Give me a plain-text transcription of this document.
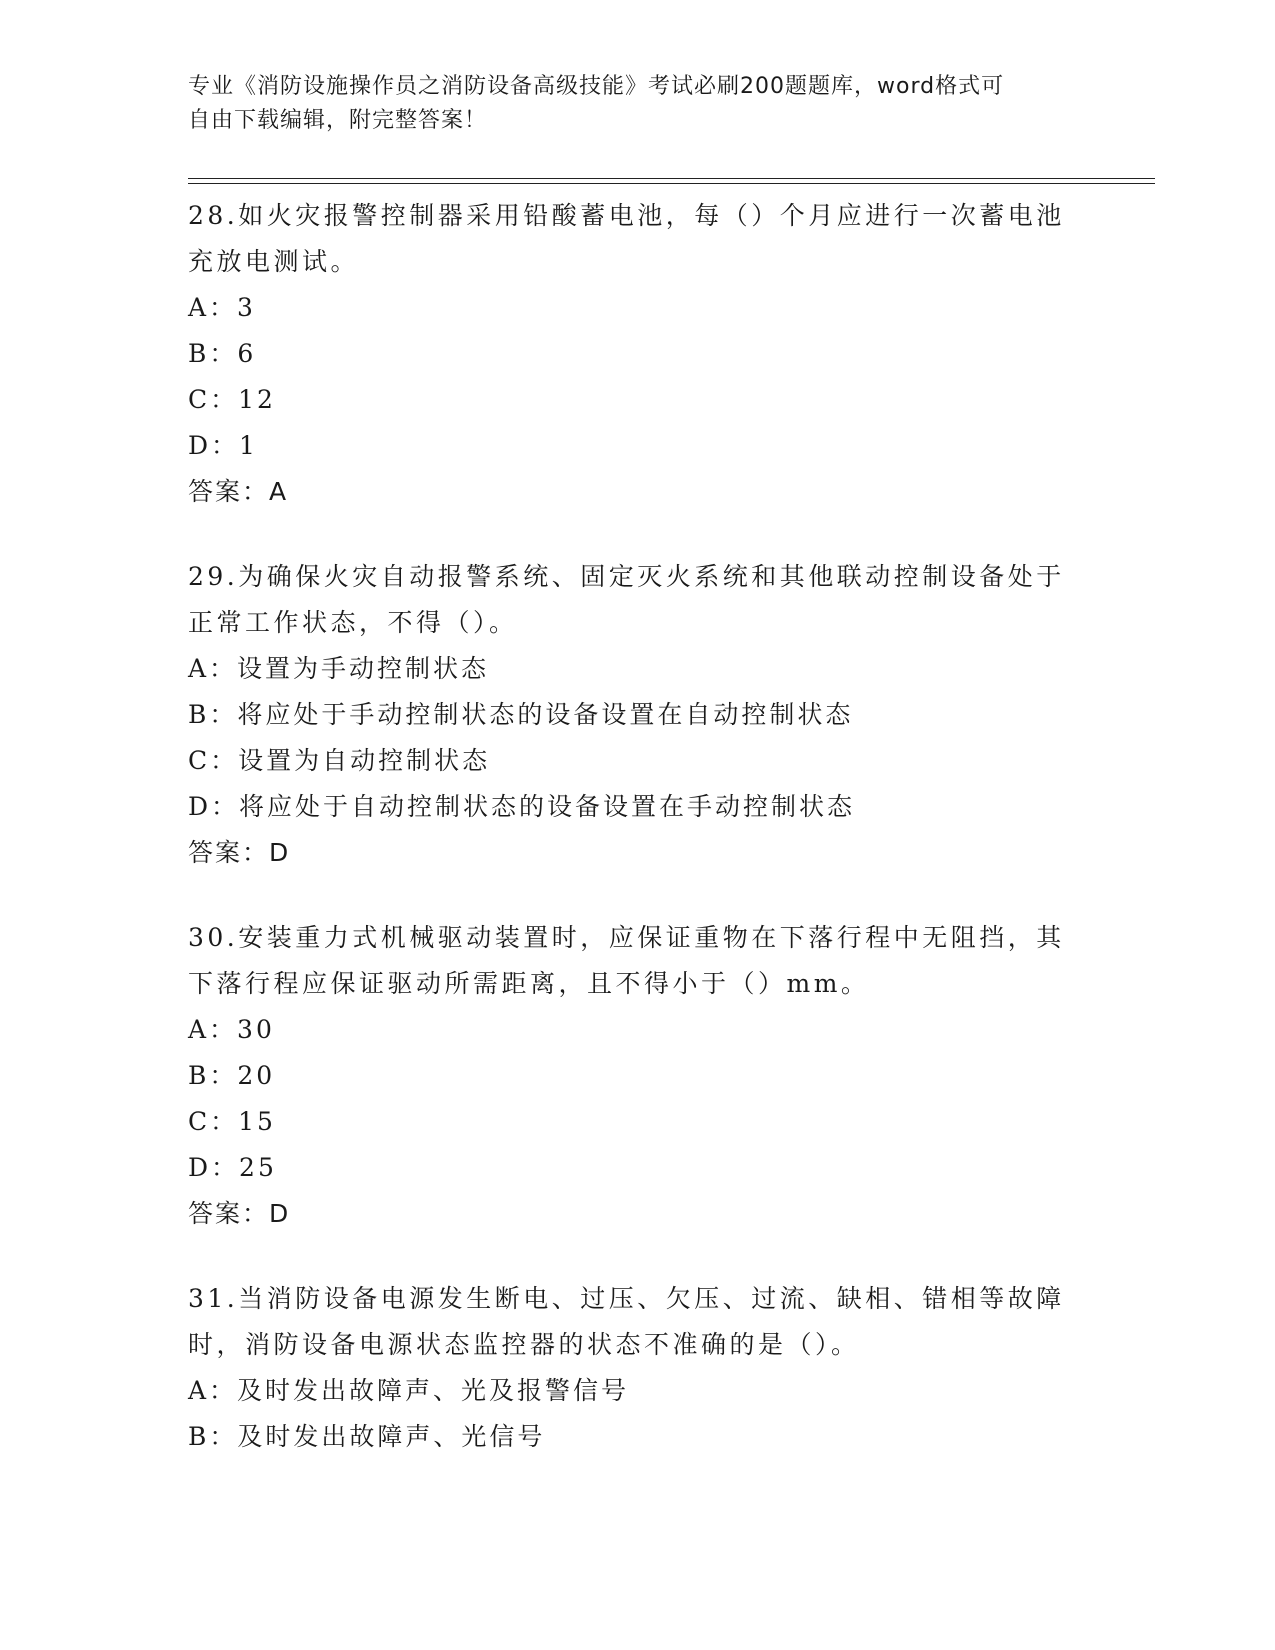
专业《消防设施操作员之消防设备高级技能》考试必刷200题题库，word格式可
自由下载编辑，附完整答案！

28.如火灾报警控制器采用铅酸蓄电池，每（）个月应进行一次蓄电池
充放电测试。

A：3
B：6
C：12
D：1
答案：A

29.为确保火灾自动报警系统、固定灭火系统和其他联动控制设备处于
正常工作状态，不得（）。

A：设置为手动控制状态
B：将应处于手动控制状态的设备设置在自动控制状态
C：设置为自动控制状态
D：将应处于自动控制状态的设备设置在手动控制状态
答案：D

30.安装重力式机械驱动装置时，应保证重物在下落行程中无阻挡，其
下落行程应保证驱动所需距离，且不得小于（）mm。

A：30
B：20
C：15
D：25
答案：D

31.当消防设备电源发生断电、过压、欠压、过流、缺相、错相等故障
时，消防设备电源状态监控器的状态不准确的是（）。

A：及时发出故障声、光及报警信号
B：及时发出故障声、光信号
